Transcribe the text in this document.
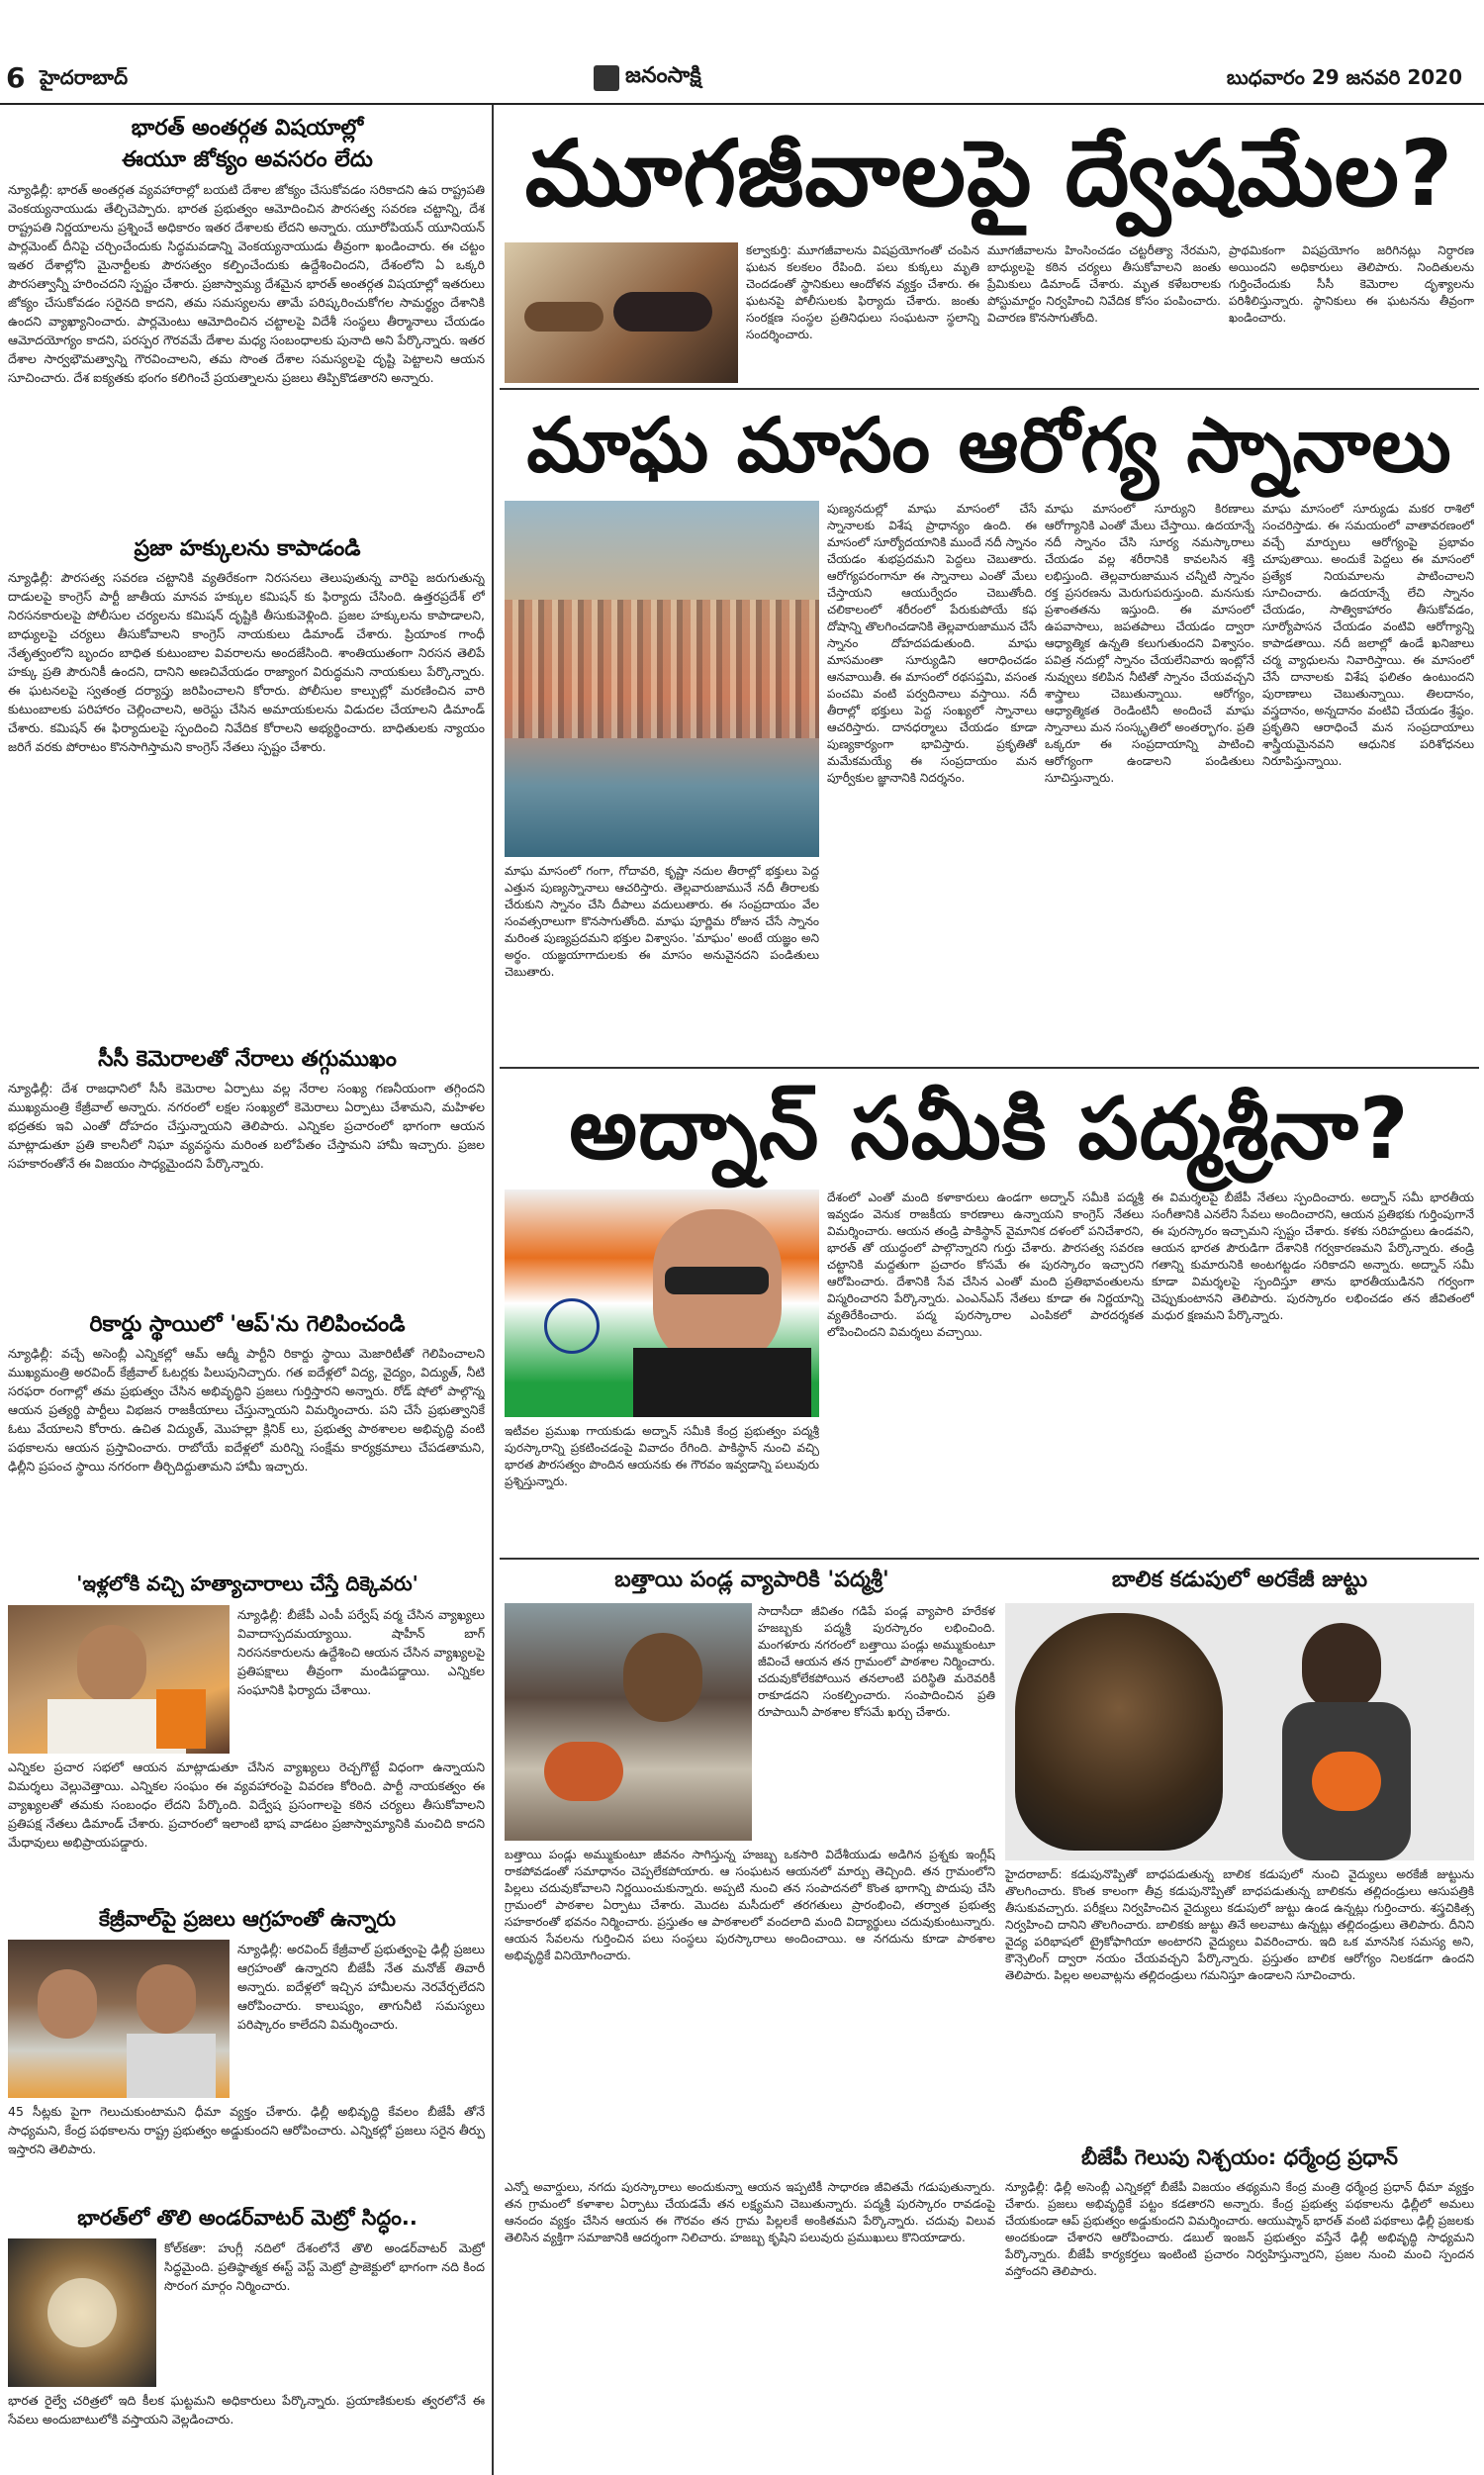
6 హైదరాబాద్	జనంసాక్షి	బుధవారం 29 జనవరి 2020
భారత్ అంతర్గత విషయాల్లో
ఈయూ జోక్యం అవసరం లేదు
న్యూఢిల్లీ: భారత్ అంతర్గత వ్యవహారాల్లో బయటి దేశాల జోక్యం చేసుకోవడం సరికాదని ఉప రాష్ట్రపతి వెంకయ్యనాయుడు తేల్చిచెప్పారు. భారత ప్రభుత్వం ఆమోదించిన పౌరసత్వ సవరణ చట్టాన్ని, దేశ రాష్ట్రపతి నిర్ణయాలను ప్రశ్నించే అధికారం ఇతర దేశాలకు లేదని అన్నారు. యూరోపియన్ యూనియన్ పార్లమెంట్ దీనిపై చర్చించేందుకు సిద్ధమవడాన్ని వెంకయ్యనాయుడు తీవ్రంగా ఖండించారు. ఈ చట్టం ఇతర దేశాల్లోని మైనార్టీలకు పౌరసత్వం కల్పించేందుకు ఉద్దేశించిందని, దేశంలోని ఏ ఒక్కరి పౌరసత్వాన్నీ హరించదని స్పష్టం చేశారు. ప్రజాస్వామ్య దేశమైన భారత్ అంతర్గత విషయాల్లో ఇతరులు జోక్యం చేసుకోవడం సరైనది కాదని, తమ సమస్యలను తామే పరిష్కరించుకోగల సామర్థ్యం దేశానికి ఉందని వ్యాఖ్యానించారు. పార్లమెంటు ఆమోదించిన చట్టాలపై విదేశీ సంస్థలు తీర్మానాలు చేయడం ఆమోదయోగ్యం కాదని, పరస్పర గౌరవమే దేశాల మధ్య సంబంధాలకు పునాది అని పేర్కొన్నారు. ఇతర దేశాల సార్వభౌమత్వాన్ని గౌరవించాలని, తమ సొంత దేశాల సమస్యలపై దృష్టి పెట్టాలని ఆయన సూచించారు. దేశ ఐక్యతకు భంగం కలిగించే ప్రయత్నాలను ప్రజలు తిప్పికొడతారని అన్నారు.
ప్రజా హక్కులను కాపాడండి
న్యూఢిల్లీ: పౌరసత్వ సవరణ చట్టానికి వ్యతిరేకంగా నిరసనలు తెలుపుతున్న వారిపై జరుగుతున్న దాడులపై కాంగ్రెస్ పార్టీ జాతీయ మానవ హక్కుల కమిషన్ కు ఫిర్యాదు చేసింది. ఉత్తరప్రదేశ్ లో నిరసనకారులపై పోలీసుల చర్యలను కమిషన్ దృష్టికి తీసుకువెళ్లింది. ప్రజల హక్కులను కాపాడాలని, బాధ్యులపై చర్యలు తీసుకోవాలని కాంగ్రెస్ నాయకులు డిమాండ్ చేశారు. ప్రియాంక గాంధీ నేతృత్వంలోని బృందం బాధిత కుటుంబాల వివరాలను అందజేసింది. శాంతియుతంగా నిరసన తెలిపే హక్కు ప్రతి పౌరునికీ ఉందని, దానిని అణచివేయడం రాజ్యాంగ విరుద్ధమని నాయకులు పేర్కొన్నారు. ఈ ఘటనలపై స్వతంత్ర దర్యాప్తు జరిపించాలని కోరారు. పోలీసుల కాల్పుల్లో మరణించిన వారి కుటుంబాలకు పరిహారం చెల్లించాలని, అరెస్టు చేసిన అమాయకులను విడుదల చేయాలని డిమాండ్ చేశారు. కమిషన్ ఈ ఫిర్యాదులపై స్పందించి నివేదిక కోరాలని అభ్యర్థించారు. బాధితులకు న్యాయం జరిగే వరకు పోరాటం కొనసాగిస్తామని కాంగ్రెస్ నేతలు స్పష్టం చేశారు.
సీసీ కెమెరాలతో నేరాలు తగ్గుముఖం
న్యూఢిల్లీ: దేశ రాజధానిలో సీసీ కెమెరాల ఏర్పాటు వల్ల నేరాల సంఖ్య గణనీయంగా తగ్గిందని ముఖ్యమంత్రి కేజ్రీవాల్ అన్నారు. నగరంలో లక్షల సంఖ్యలో కెమెరాలు ఏర్పాటు చేశామని, మహిళల భద్రతకు ఇవి ఎంతో దోహదం చేస్తున్నాయని తెలిపారు. ఎన్నికల ప్రచారంలో భాగంగా ఆయన మాట్లాడుతూ ప్రతి కాలనీలో నిఘా వ్యవస్థను మరింత బలోపేతం చేస్తామని హామీ ఇచ్చారు. ప్రజల సహకారంతోనే ఈ విజయం సాధ్యమైందని పేర్కొన్నారు.
రికార్డు స్థాయిలో 'ఆప్'ను గెలిపించండి
న్యూఢిల్లీ: వచ్చే అసెంబ్లీ ఎన్నికల్లో ఆమ్ ఆద్మీ పార్టీని రికార్డు స్థాయి మెజారిటీతో గెలిపించాలని ముఖ్యమంత్రి అరవింద్ కేజ్రీవాల్ ఓటర్లకు పిలుపునిచ్చారు. గత ఐదేళ్లలో విద్య, వైద్యం, విద్యుత్, నీటి సరఫరా రంగాల్లో తమ ప్రభుత్వం చేసిన అభివృద్ధిని ప్రజలు గుర్తిస్తారని అన్నారు. రోడ్ షోలో పాల్గొన్న ఆయన ప్రత్యర్థి పార్టీలు విభజన రాజకీయాలు చేస్తున్నాయని విమర్శించారు. పని చేసే ప్రభుత్వానికే ఓటు వేయాలని కోరారు. ఉచిత విద్యుత్, మొహల్లా క్లినిక్ లు, ప్రభుత్వ పాఠశాలల అభివృద్ధి వంటి పథకాలను ఆయన ప్రస్తావించారు. రాబోయే ఐదేళ్లలో మరిన్ని సంక్షేమ కార్యక్రమాలు చేపడతామని, ఢిల్లీని ప్రపంచ స్థాయి నగరంగా తీర్చిదిద్దుతామని హామీ ఇచ్చారు.
'ఇళ్లలోకి వచ్చి హత్యాచారాలు చేస్తే దిక్కెవరు'
న్యూఢిల్లీ: బీజేపీ ఎంపీ పర్వేష్ వర్మ చేసిన వ్యాఖ్యలు వివాదాస్పదమయ్యాయి. షాహీన్ బాగ్ నిరసనకారులను ఉద్దేశించి ఆయన చేసిన వ్యాఖ్యలపై ప్రతిపక్షాలు తీవ్రంగా మండిపడ్డాయి. ఎన్నికల సంఘానికి ఫిర్యాదు చేశాయి.
ఎన్నికల ప్రచార సభలో ఆయన మాట్లాడుతూ చేసిన వ్యాఖ్యలు రెచ్చగొట్టే విధంగా ఉన్నాయని విమర్శలు వెల్లువెత్తాయి. ఎన్నికల సంఘం ఈ వ్యవహారంపై వివరణ కోరింది. పార్టీ నాయకత్వం ఈ వ్యాఖ్యలతో తమకు సంబంధం లేదని పేర్కొంది. విద్వేష ప్రసంగాలపై కఠిన చర్యలు తీసుకోవాలని ప్రతిపక్ష నేతలు డిమాండ్ చేశారు. ప్రచారంలో ఇలాంటి భాష వాడటం ప్రజాస్వామ్యానికి మంచిది కాదని మేధావులు అభిప్రాయపడ్డారు.
కేజ్రీవాల్‌పై ప్రజలు ఆగ్రహంతో ఉన్నారు
న్యూఢిల్లీ: అరవింద్ కేజ్రీవాల్ ప్రభుత్వంపై ఢిల్లీ ప్రజలు ఆగ్రహంతో ఉన్నారని బీజేపీ నేత మనోజ్ తివారీ అన్నారు. ఐదేళ్లలో ఇచ్చిన హామీలను నెరవేర్చలేదని ఆరోపించారు. కాలుష్యం, తాగునీటి సమస్యలు పరిష్కారం కాలేదని విమర్శించారు.
45 సీట్లకు పైగా గెలుచుకుంటామని ధీమా వ్యక్తం చేశారు. ఢిల్లీ అభివృద్ధి కేవలం బీజేపీ తోనే సాధ్యమని, కేంద్ర పథకాలను రాష్ట్ర ప్రభుత్వం అడ్డుకుందని ఆరోపించారు. ఎన్నికల్లో ప్రజలు సరైన తీర్పు ఇస్తారని తెలిపారు.
భారత్‌లో తొలి అండర్‌వాటర్ మెట్రో సిద్ధం..
కోల్‌కతా: హుగ్లీ నదిలో దేశంలోనే తొలి అండర్‌వాటర్ మెట్రో సిద్ధమైంది. ప్రతిష్ఠాత్మక ఈస్ట్ వెస్ట్ మెట్రో ప్రాజెక్టులో భాగంగా నది కింద సొరంగ మార్గం నిర్మించారు.
భారత రైల్వే చరిత్రలో ఇది కీలక ఘట్టమని అధికారులు పేర్కొన్నారు. ప్రయాణికులకు త్వరలోనే ఈ సేవలు అందుబాటులోకి వస్తాయని వెల్లడించారు.
మూగజీవాలపై ద్వేషమేల?
కల్వాకుర్తి: మూగజీవాలను విషప్రయోగంతో చంపిన ఘటన కలకలం రేపింది. పలు కుక్కలు మృతి చెందడంతో స్థానికులు ఆందోళన వ్యక్తం చేశారు. ఈ ఘటనపై పోలీసులకు ఫిర్యాదు చేశారు. జంతు సంరక్షణ సంస్థల ప్రతినిధులు సంఘటనా స్థలాన్ని సందర్శించారు.
మూగజీవాలను హింసించడం చట్టరీత్యా నేరమని, బాధ్యులపై కఠిన చర్యలు తీసుకోవాలని జంతు ప్రేమికులు డిమాండ్ చేశారు. మృత కళేబరాలకు పోస్టుమార్టం నిర్వహించి నివేదిక కోసం పంపించారు. విచారణ కొనసాగుతోంది.
ప్రాథమికంగా విషప్రయోగం జరిగినట్లు నిర్ధారణ అయిందని అధికారులు తెలిపారు. నిందితులను గుర్తించేందుకు సీసీ కెమెరాల దృశ్యాలను పరిశీలిస్తున్నారు. స్థానికులు ఈ ఘటనను తీవ్రంగా ఖండించారు.
మాఘ మాసం ఆరోగ్య స్నానాలు
మాఘ మాసంలో గంగా, గోదావరి, కృష్ణా నదుల తీరాల్లో భక్తులు పెద్ద ఎత్తున పుణ్యస్నానాలు ఆచరిస్తారు. తెల్లవారుజామునే నదీ తీరాలకు చేరుకుని స్నానం చేసి దీపాలు వదులుతారు. ఈ సంప్రదాయం వేల సంవత్సరాలుగా కొనసాగుతోంది. మాఘ పూర్ణిమ రోజున చేసే స్నానం మరింత పుణ్యప్రదమని భక్తుల విశ్వాసం. 'మాఘం' అంటే యజ్ఞం అని అర్థం. యజ్ఞయాగాదులకు ఈ మాసం అనువైనదని పండితులు చెబుతారు.
పుణ్యనదుల్లో మాఘ మాసంలో చేసే స్నానాలకు విశేష ప్రాధాన్యం ఉంది. ఈ మాసంలో సూర్యోదయానికి ముందే నదీ స్నానం చేయడం శుభప్రదమని పెద్దలు చెబుతారు. ఆరోగ్యపరంగానూ ఈ స్నానాలు ఎంతో మేలు చేస్తాయని ఆయుర్వేదం చెబుతోంది. చలికాలంలో శరీరంలో పేరుకుపోయే కఫ దోషాన్ని తొలగించడానికి తెల్లవారుజామున చేసే స్నానం దోహదపడుతుంది. మాఘ మాసమంతా సూర్యుడిని ఆరాధించడం ఆనవాయితీ. ఈ మాసంలో రథసప్తమి, వసంత పంచమి వంటి పర్వదినాలు వస్తాయి. నదీ తీరాల్లో భక్తులు పెద్ద సంఖ్యలో స్నానాలు ఆచరిస్తారు. దానధర్మాలు చేయడం కూడా పుణ్యకార్యంగా భావిస్తారు. ప్రకృతితో మమేకమయ్యే ఈ సంప్రదాయం మన పూర్వీకుల జ్ఞానానికి నిదర్శనం.
మాఘ మాసంలో సూర్యుని కిరణాలు ఆరోగ్యానికి ఎంతో మేలు చేస్తాయి. ఉదయాన్నే నదీ స్నానం చేసి సూర్య నమస్కారాలు చేయడం వల్ల శరీరానికి కావలసిన శక్తి లభిస్తుంది. తెల్లవారుజామున చన్నీటి స్నానం రక్త ప్రసరణను మెరుగుపరుస్తుంది. మనసుకు ప్రశాంతతను ఇస్తుంది. ఈ మాసంలో ఉపవాసాలు, జపతపాలు చేయడం ద్వారా ఆధ్యాత్మిక ఉన్నతి కలుగుతుందని విశ్వాసం. పవిత్ర నదుల్లో స్నానం చేయలేనివారు ఇంట్లోనే నువ్వులు కలిపిన నీటితో స్నానం చేయవచ్చని శాస్త్రాలు చెబుతున్నాయి. ఆరోగ్యం, ఆధ్యాత్మికత రెండింటినీ అందించే మాఘ స్నానాలు మన సంస్కృతిలో అంతర్భాగం. ప్రతి ఒక్కరూ ఈ సంప్రదాయాన్ని పాటించి ఆరోగ్యంగా ఉండాలని పండితులు సూచిస్తున్నారు.
మాఘ మాసంలో సూర్యుడు మకర రాశిలో సంచరిస్తాడు. ఈ సమయంలో వాతావరణంలో వచ్చే మార్పులు ఆరోగ్యంపై ప్రభావం చూపుతాయి. అందుకే పెద్దలు ఈ మాసంలో ప్రత్యేక నియమాలను పాటించాలని సూచించారు. ఉదయాన్నే లేచి స్నానం చేయడం, సాత్వికాహారం తీసుకోవడం, సూర్యోపాసన చేయడం వంటివి ఆరోగ్యాన్ని కాపాడతాయి. నదీ జలాల్లో ఉండే ఖనిజాలు చర్మ వ్యాధులను నివారిస్తాయి. ఈ మాసంలో చేసే దానాలకు విశేష ఫలితం ఉంటుందని పురాణాలు చెబుతున్నాయి. తిలదానం, వస్త్రదానం, అన్నదానం వంటివి చేయడం శ్రేష్ఠం. ప్రకృతిని ఆరాధించే మన సంప్రదాయాలు శాస్త్రీయమైనవని ఆధునిక పరిశోధనలు నిరూపిస్తున్నాయి.
అద్నాన్ సమీకి పద్మశ్రీనా?
ఇటీవల ప్రముఖ గాయకుడు అద్నాన్ సమీకి కేంద్ర ప్రభుత్వం పద్మశ్రీ పురస్కారాన్ని ప్రకటించడంపై వివాదం రేగింది. పాకిస్థాన్ నుంచి వచ్చి భారత పౌరసత్వం పొందిన ఆయనకు ఈ గౌరవం ఇవ్వడాన్ని పలువురు ప్రశ్నిస్తున్నారు.
దేశంలో ఎంతో మంది కళాకారులు ఉండగా అద్నాన్ సమీకి పద్మశ్రీ ఇవ్వడం వెనుక రాజకీయ కారణాలు ఉన్నాయని కాంగ్రెస్ నేతలు విమర్శించారు. ఆయన తండ్రి పాకిస్థాన్ వైమానిక దళంలో పనిచేశారని, భారత్ తో యుద్ధంలో పాల్గొన్నారని గుర్తు చేశారు. పౌరసత్వ సవరణ చట్టానికి మద్దతుగా ప్రచారం కోసమే ఈ పురస్కారం ఇచ్చారని ఆరోపించారు. దేశానికి సేవ చేసిన ఎంతో మంది ప్రతిభావంతులను విస్మరించారని పేర్కొన్నారు. ఎంఎన్ఎస్ నేతలు కూడా ఈ నిర్ణయాన్ని వ్యతిరేకించారు. పద్మ పురస్కారాల ఎంపికలో పారదర్శకత లోపించిందని విమర్శలు వచ్చాయి.
ఈ విమర్శలపై బీజేపీ నేతలు స్పందించారు. అద్నాన్ సమీ భారతీయ సంగీతానికి ఎనలేని సేవలు అందించారని, ఆయన ప్రతిభకు గుర్తింపుగానే ఈ పురస్కారం ఇచ్చామని స్పష్టం చేశారు. కళకు సరిహద్దులు ఉండవని, ఆయన భారత పౌరుడిగా దేశానికి గర్వకారణమని పేర్కొన్నారు. తండ్రి గతాన్ని కుమారునికి అంటగట్టడం సరికాదని అన్నారు. అద్నాన్ సమీ కూడా విమర్శలపై స్పందిస్తూ తాను భారతీయుడినని గర్వంగా చెప్పుకుంటానని తెలిపారు. పురస్కారం లభించడం తన జీవితంలో మధుర క్షణమని పేర్కొన్నారు.
బత్తాయి పండ్ల వ్యాపారికి 'పద్మశ్రీ'
సాదాసీదా జీవితం గడిపే పండ్ల వ్యాపారి హరేకళ హజబ్బకు పద్మశ్రీ పురస్కారం లభించింది. మంగళూరు నగరంలో బత్తాయి పండ్లు అమ్ముకుంటూ జీవించే ఆయన తన గ్రామంలో పాఠశాల నిర్మించారు. చదువుకోలేకపోయిన తనలాంటి పరిస్థితి మరెవరికీ రాకూడదని సంకల్పించారు. సంపాదించిన ప్రతి రూపాయినీ పాఠశాల కోసమే ఖర్చు చేశారు.
బత్తాయి పండ్లు అమ్ముకుంటూ జీవనం సాగిస్తున్న హజబ్బ ఒకసారి విదేశీయుడు అడిగిన ప్రశ్నకు ఇంగ్లీష్ రాకపోవడంతో సమాధానం చెప్పలేకపోయారు. ఆ సంఘటన ఆయనలో మార్పు తెచ్చింది. తన గ్రామంలోని పిల్లలు చదువుకోవాలని నిర్ణయించుకున్నారు. అప్పటి నుంచి తన సంపాదనలో కొంత భాగాన్ని పొదుపు చేసి గ్రామంలో పాఠశాల ఏర్పాటు చేశారు. మొదట మసీదులో తరగతులు ప్రారంభించి, తర్వాత ప్రభుత్వ సహకారంతో భవనం నిర్మించారు. ప్రస్తుతం ఆ పాఠశాలలో వందలాది మంది విద్యార్థులు చదువుకుంటున్నారు. ఆయన సేవలను గుర్తించిన పలు సంస్థలు పురస్కారాలు అందించాయి. ఆ నగదును కూడా పాఠశాల అభివృద్ధికే వినియోగించారు.
ఎన్నో అవార్డులు, నగదు పురస్కారాలు అందుకున్నా ఆయన ఇప్పటికీ సాధారణ జీవితమే గడుపుతున్నారు. తన గ్రామంలో కళాశాల ఏర్పాటు చేయడమే తన లక్ష్యమని చెబుతున్నారు. పద్మశ్రీ పురస్కారం రావడంపై ఆనందం వ్యక్తం చేసిన ఆయన ఈ గౌరవం తన గ్రామ పిల్లలకే అంకితమని పేర్కొన్నారు. చదువు విలువ తెలిసిన వ్యక్తిగా సమాజానికి ఆదర్శంగా నిలిచారు. హజబ్బ కృషిని పలువురు ప్రముఖులు కొనియాడారు.
బాలిక కడుపులో అరకేజీ జుట్టు
హైదరాబాద్: కడుపునొప్పితో బాధపడుతున్న బాలిక కడుపులో నుంచి వైద్యులు అరకేజీ జుట్టును తొలగించారు. కొంత కాలంగా తీవ్ర కడుపునొప్పితో బాధపడుతున్న బాలికను తల్లిదండ్రులు ఆసుపత్రికి తీసుకువచ్చారు. పరీక్షలు నిర్వహించిన వైద్యులు కడుపులో జుట్టు ఉండ ఉన్నట్లు గుర్తించారు. శస్త్రచికిత్స నిర్వహించి దానిని తొలగించారు. బాలికకు జుట్టు తినే అలవాటు ఉన్నట్లు తల్లిదండ్రులు తెలిపారు. దీనిని వైద్య పరిభాషలో ట్రైకోఫాగియా అంటారని వైద్యులు వివరించారు. ఇది ఒక మానసిక సమస్య అని, కౌన్సెలింగ్ ద్వారా నయం చేయవచ్చని పేర్కొన్నారు. ప్రస్తుతం బాలిక ఆరోగ్యం నిలకడగా ఉందని తెలిపారు. పిల్లల అలవాట్లను తల్లిదండ్రులు గమనిస్తూ ఉండాలని సూచించారు.
బీజేపీ గెలుపు నిశ్చయం: ధర్మేంద్ర ప్రధాన్
న్యూఢిల్లీ: ఢిల్లీ అసెంబ్లీ ఎన్నికల్లో బీజేపీ విజయం తథ్యమని కేంద్ర మంత్రి ధర్మేంద్ర ప్రధాన్ ధీమా వ్యక్తం చేశారు. ప్రజలు అభివృద్ధికే పట్టం కడతారని అన్నారు. కేంద్ర ప్రభుత్వ పథకాలను ఢిల్లీలో అమలు చేయకుండా ఆప్ ప్రభుత్వం అడ్డుకుందని విమర్శించారు. ఆయుష్మాన్ భారత్ వంటి పథకాలు ఢిల్లీ ప్రజలకు అందకుండా చేశారని ఆరోపించారు. డబుల్ ఇంజన్ ప్రభుత్వం వస్తేనే ఢిల్లీ అభివృద్ధి సాధ్యమని పేర్కొన్నారు. బీజేపీ కార్యకర్తలు ఇంటింటి ప్రచారం నిర్వహిస్తున్నారని, ప్రజల నుంచి మంచి స్పందన వస్తోందని తెలిపారు.
